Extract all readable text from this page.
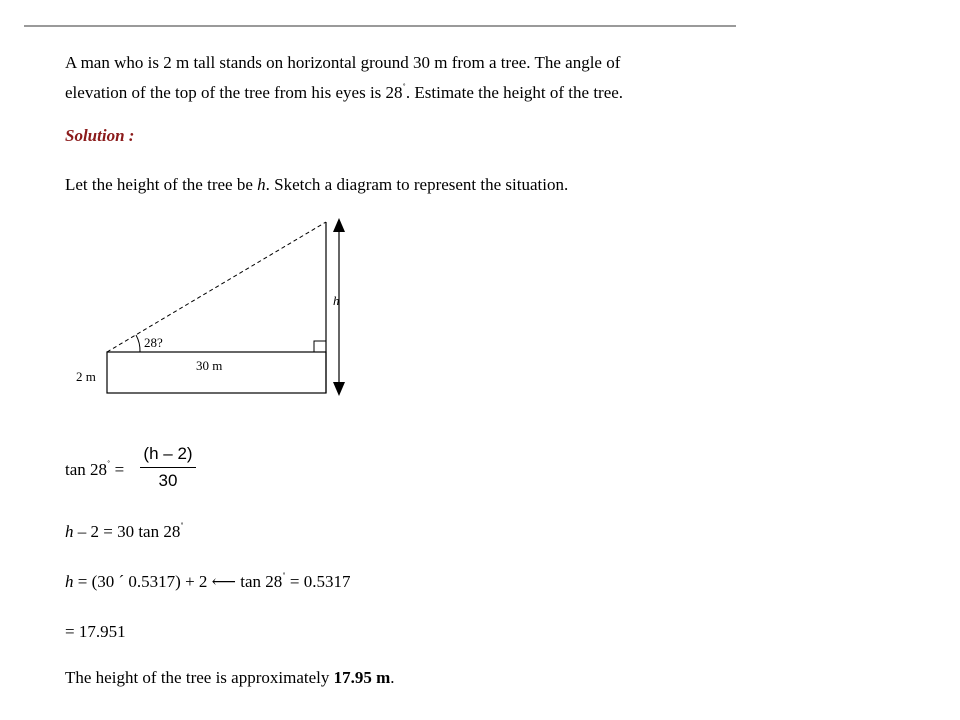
A man who is 2 m tall stands on horizontal ground 30 m from a tree. The angle of
elevation of the top of the tree from his eyes is 28˚. Estimate the height of the tree.

Solution :

Let the height of the tree be h. Sketch a diagram to represent the situation.

28?
30 m
2 m
h
tan 28˚ =
(h – 2)
30
h – 2 = 30 tan 28˚
h = (30 ´ 0.5317) + 2 ⟵ tan 28˚ = 0.5317
= 17.951

The height of the tree is approximately 17.95 m.
